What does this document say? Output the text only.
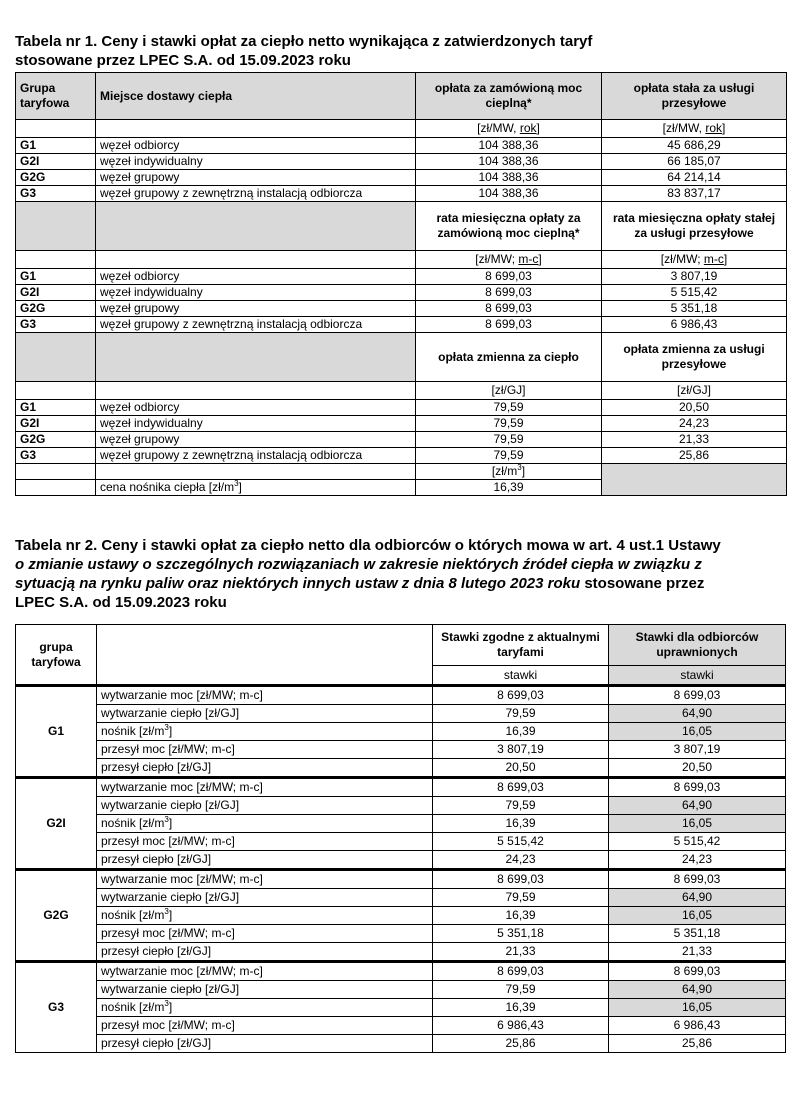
Tabela nr 1. Ceny i stawki opłat za ciepło netto wynikająca z zatwierdzonych taryf
stosowane przez LPEC S.A. od 15.09.2023 roku
Grupa taryfowa	Miejsce dostawy ciepła	opłata za zamówioną moc cieplną*	opłata stała za usługi przesyłowe
		[zł/MW, rok]	[zł/MW, rok]
G1	węzeł odbiorcy	104 388,36	45 686,29
G2I	węzeł indywidualny	104 388,36	66 185,07
G2G	węzeł grupowy	104 388,36	64 214,14
G3	węzeł grupowy z zewnętrzną instalacją odbiorcza	104 388,36	83 837,17
		rata miesięczna opłaty za zamówioną moc cieplną*	rata miesięczna opłaty stałej za usługi przesyłowe
		[zł/MW; m-c]	[zł/MW; m-c]
G1	węzeł odbiorcy	8 699,03	3 807,19
G2I	węzeł indywidualny	8 699,03	5 515,42
G2G	węzeł grupowy	8 699,03	5 351,18
G3	węzeł grupowy z zewnętrzną instalacją odbiorcza	8 699,03	6 986,43
		opłata zmienna za ciepło	opłata zmienna za usługi przesyłowe
		[zł/GJ]	[zł/GJ]
G1	węzeł odbiorcy	79,59	20,50
G2I	węzeł indywidualny	79,59	24,23
G2G	węzeł grupowy	79,59	21,33
G3	węzeł grupowy z zewnętrzną instalacją odbiorcza	79,59	25,86
		$[zł/m^3]$	
	cena nośnika ciepła $[zł/m^3]$	16,39	
Tabela nr 2. Ceny i stawki opłat za ciepło netto dla odbiorców o których mowa w art. 4 ust.1 Ustawy
o zmianie ustawy o szczególnych rozwiązaniach w zakresie niektórych źródeł ciepła w związku z
sytuacją na rynku paliw oraz niektórych innych ustaw z dnia 8 lutego 2023 roku stosowane przez
LPEC S.A. od 15.09.2023 roku
grupa taryfowa		Stawki zgodne z aktualnymi taryfami	Stawki dla odbiorców uprawnionych
		stawki	stawki
G1	wytwarzanie moc [zł/MW; m-c]	8 699,03	8 699,03
	wytwarzanie ciepło [zł/GJ]	79,59	64,90
	nośnik $[zł/m^3]$	16,39	16,05
	przesył moc [zł/MW; m-c]	3 807,19	3 807,19
	przesył ciepło [zł/GJ]	20,50	20,50
G2I	wytwarzanie moc [zł/MW; m-c]	8 699,03	8 699,03
	wytwarzanie ciepło [zł/GJ]	79,59	64,90
	nośnik $[zł/m^3]$	16,39	16,05
	przesył moc [zł/MW; m-c]	5 515,42	5 515,42
	przesył ciepło [zł/GJ]	24,23	24,23
G2G	wytwarzanie moc [zł/MW; m-c]	8 699,03	8 699,03
	wytwarzanie ciepło [zł/GJ]	79,59	64,90
	nośnik $[zł/m^3]$	16,39	16,05
	przesył moc [zł/MW; m-c]	5 351,18	5 351,18
	przesył ciepło [zł/GJ]	21,33	21,33
G3	wytwarzanie moc [zł/MW; m-c]	8 699,03	8 699,03
	wytwarzanie ciepło [zł/GJ]	79,59	64,90
	nośnik $[zł/m^3]$	16,39	16,05
	przesył moc [zł/MW; m-c]	6 986,43	6 986,43
	przesył ciepło [zł/GJ]	25,86	25,86
